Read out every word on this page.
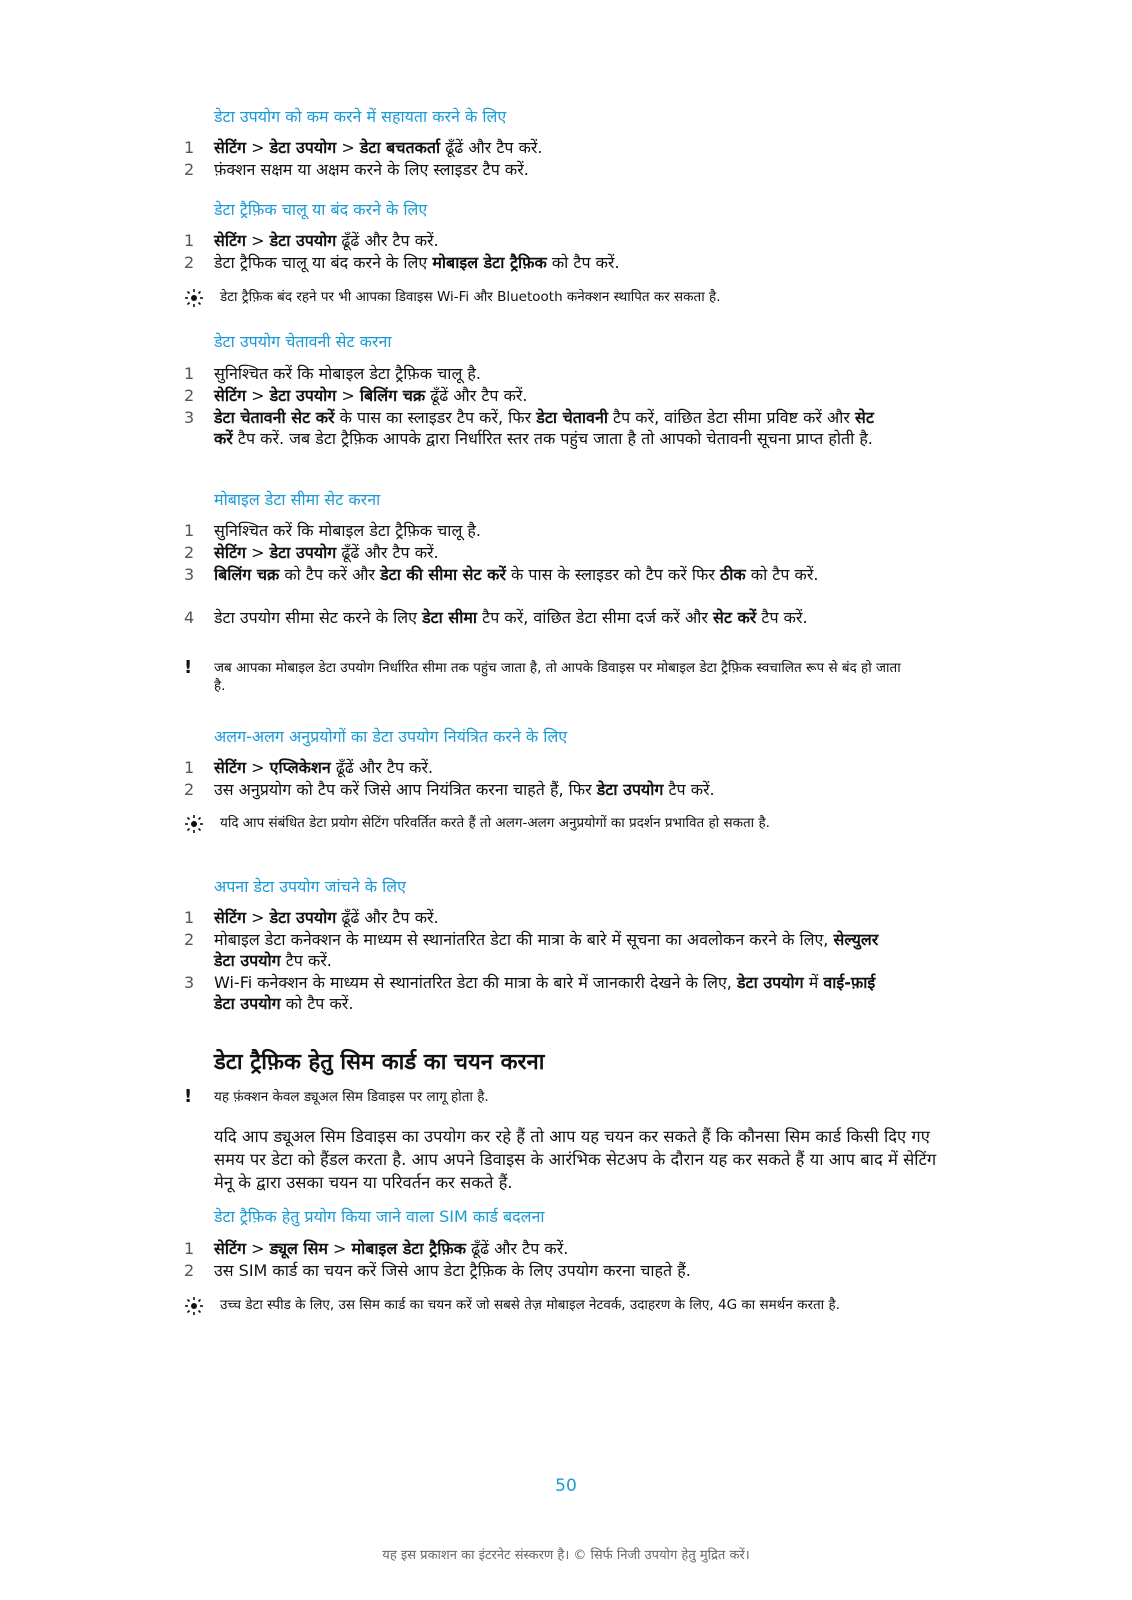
डेटा उपयोग को कम करने में सहायता करने के लिए
1	सेटिंग > डेटा उपयोग > डेटा बचतकर्ता ढूँढें और टैप करें.
2	फ़ंक्शन सक्षम या अक्षम करने के लिए स्लाइडर टैप करें.
डेटा ट्रैफ़िक चालू या बंद करने के लिए
1	सेटिंग > डेटा उपयोग ढूँढें और टैप करें.
2	डेटा ट्रैफिक चालू या बंद करने के लिए मोबाइल डेटा ट्रैफ़िक को टैप करें.
डेटा ट्रैफ़िक बंद रहने पर भी आपका डिवाइस Wi-Fi और Bluetooth कनेक्शन स्थापित कर सकता है.
डेटा उपयोग चेतावनी सेट करना
1	सुनिश्चित करें कि मोबाइल डेटा ट्रैफ़िक चालू है.
2	सेटिंग > डेटा उपयोग > बिलिंग चक्र ढूँढें और टैप करें.
3	डेटा चेतावनी सेट करें के पास का स्लाइडर टैप करें, फिर डेटा चेतावनी टैप करें, वांछित डेटा सीमा प्रविष्ट करें और सेट करें टैप करें. जब डेटा ट्रैफ़िक आपके द्वारा निर्धारित स्तर तक पहुंच जाता है तो आपको चेतावनी सूचना प्राप्त होती है.
मोबाइल डेटा सीमा सेट करना
1	सुनिश्चित करें कि मोबाइल डेटा ट्रैफ़िक चालू है.
2	सेटिंग > डेटा उपयोग ढूँढें और टैप करें.
3	बिलिंग चक्र को टैप करें और डेटा की सीमा सेट करें के पास के स्लाइडर को टैप करें फिर ठीक को टैप करें.
4	डेटा उपयोग सीमा सेट करने के लिए डेटा सीमा टैप करें, वांछित डेटा सीमा दर्ज करें और सेट करें टैप करें.
!	जब आपका मोबाइल डेटा उपयोग निर्धारित सीमा तक पहुंच जाता है, तो आपके डिवाइस पर मोबाइल डेटा ट्रैफ़िक स्वचालित रूप से बंद हो जाता है.
अलग-अलग अनुप्रयोगों का डेटा उपयोग नियंत्रित करने के लिए
1	सेटिंग > एप्लिकेशन ढूँढें और टैप करें.
2	उस अनुप्रयोग को टैप करें जिसे आप नियंत्रित करना चाहते हैं, फिर डेटा उपयोग टैप करें.
यदि आप संबंधित डेटा प्रयोग सेटिंग परिवर्तित करते हैं तो अलग-अलग अनुप्रयोगों का प्रदर्शन प्रभावित हो सकता है.
अपना डेटा उपयोग जांचने के लिए
1	सेटिंग > डेटा उपयोग ढूँढें और टैप करें.
2	मोबाइल डेटा कनेक्शन के माध्यम से स्थानांतरित डेटा की मात्रा के बारे में सूचना का अवलोकन करने के लिए, सेल्युलर डेटा उपयोग टैप करें.
3	Wi-Fi कनेक्शन के माध्यम से स्थानांतरित डेटा की मात्रा के बारे में जानकारी देखने के लिए, डेटा उपयोग में वाई-फ़ाई डेटा उपयोग को टैप करें.
डेटा ट्रैफ़िक हेतु सिम कार्ड का चयन करना
!	यह फ़ंक्शन केवल ड्यूअल सिम डिवाइस पर लागू होता है.

यदि आप ड्यूअल सिम डिवाइस का उपयोग कर रहे हैं तो आप यह चयन कर सकते हैं कि कौनसा सिम कार्ड किसी दिए गए समय पर डेटा को हैंडल करता है. आप अपने डिवाइस के आरंभिक सेटअप के दौरान यह कर सकते हैं या आप बाद में सेटिंग मेनू के द्वारा उसका चयन या परिवर्तन कर सकते हैं.

डेटा ट्रैफ़िक हेतु प्रयोग किया जाने वाला SIM कार्ड बदलना
1	सेटिंग > ड्यूल सिम > मोबाइल डेटा ट्रैफ़िक ढूँढें और टैप करें.
2	उस SIM कार्ड का चयन करें जिसे आप डेटा ट्रैफ़िक के लिए उपयोग करना चाहते हैं.
उच्च डेटा स्पीड के लिए, उस सिम कार्ड का चयन करें जो सबसे तेज़ मोबाइल नेटवर्क, उदाहरण के लिए, 4G का समर्थन करता है.
50
यह इस प्रकाशन का इंटरनेट संस्करण है। © सिर्फ निजी उपयोग हेतु मुद्रित करें।
